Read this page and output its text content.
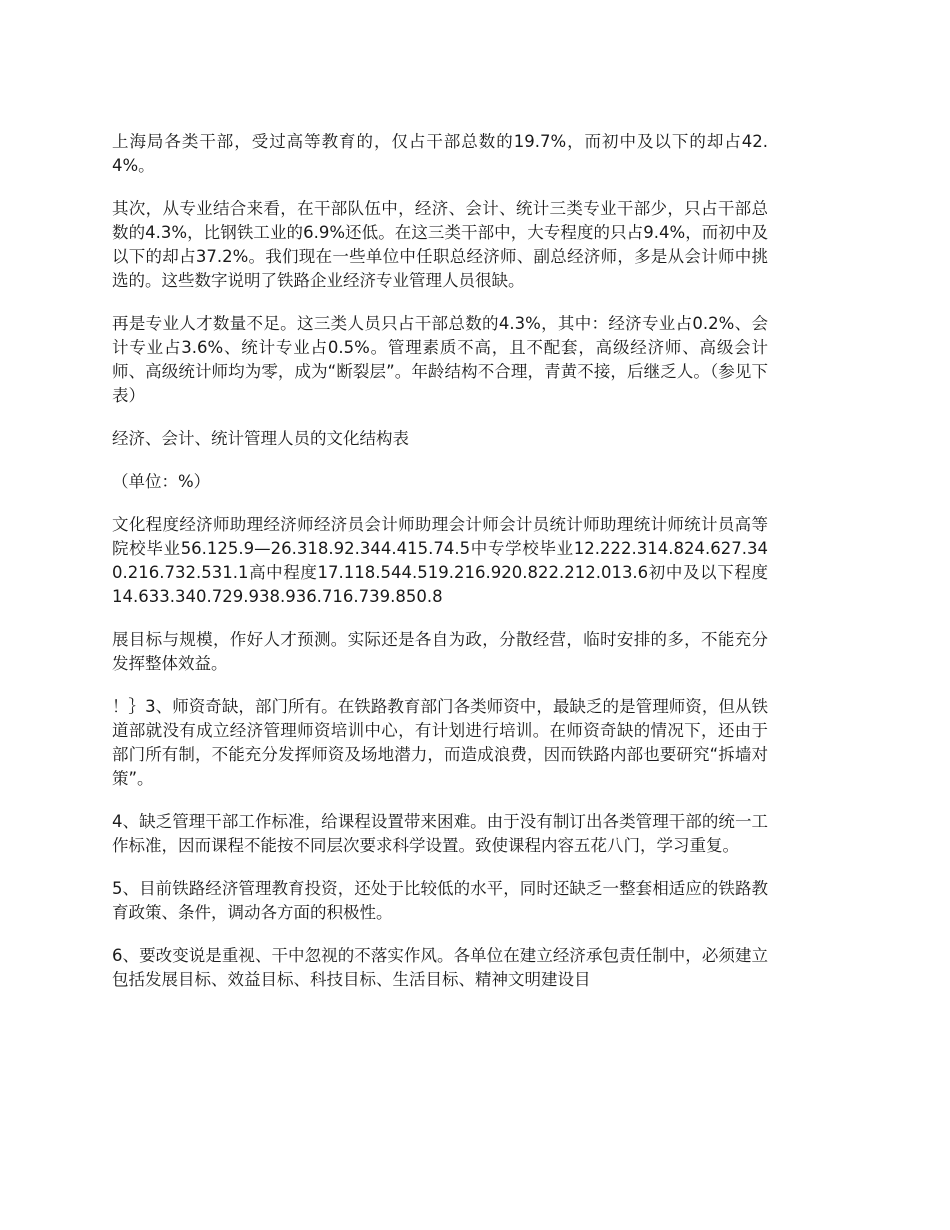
上海局各类干部，受过高等教育的，仅占干部总数的19.7%，而初中及以下的却占42.4%。

其次，从专业结合来看，在干部队伍中，经济、会计、统计三类专业干部少，只占干部总数的4.3%，比钢铁工业的6.9%还低。在这三类干部中，大专程度的只占9.4%，而初中及以下的却占37.2%。我们现在一些单位中任职总经济师、副总经济师，多是从会计师中挑选的。这些数字说明了铁路企业经济专业管理人员很缺。

再是专业人才数量不足。这三类人员只占干部总数的4.3%，其中：经济专业占0.2%、会计专业占3.6%、统计专业占0.5%。管理素质不高，且不配套，高级经济师、高级会计师、高级统计师均为零，成为“断裂层”。年龄结构不合理，青黄不接，后继乏人。（参见下表）

经济、会计、统计管理人员的文化结构表

（单位：%）

文化程度经济师助理经济师经济员会计师助理会计师会计员统计师助理统计师统计员高等院校毕业56.125.9—26.318.92.344.415.74.5中专学校毕业12.222.314.824.627.340.216.732.531.1高中程度17.118.544.519.216.920.822.212.013.6初中及以下程度14.633.340.729.938.936.716.739.850.8

展目标与规模，作好人才预测。实际还是各自为政，分散经营，临时安排的多，不能充分发挥整体效益。

！｝3、师资奇缺，部门所有。在铁路教育部门各类师资中，最缺乏的是管理师资，但从铁道部就没有成立经济管理师资培训中心，有计划进行培训。在师资奇缺的情况下，还由于部门所有制，不能充分发挥师资及场地潜力，而造成浪费，因而铁路内部也要研究“拆墙对策”。

4、缺乏管理干部工作标准，给课程设置带来困难。由于没有制订出各类管理干部的统一工作标准，因而课程不能按不同层次要求科学设置。致使课程内容五花八门，学习重复。

5、目前铁路经济管理教育投资，还处于比较低的水平，同时还缺乏一整套相适应的铁路教育政策、条件，调动各方面的积极性。

6、要改变说是重视、干中忽视的不落实作风。各单位在建立经济承包责任制中，必须建立包括发展目标、效益目标、科技目标、生活目标、精神文明建设目
